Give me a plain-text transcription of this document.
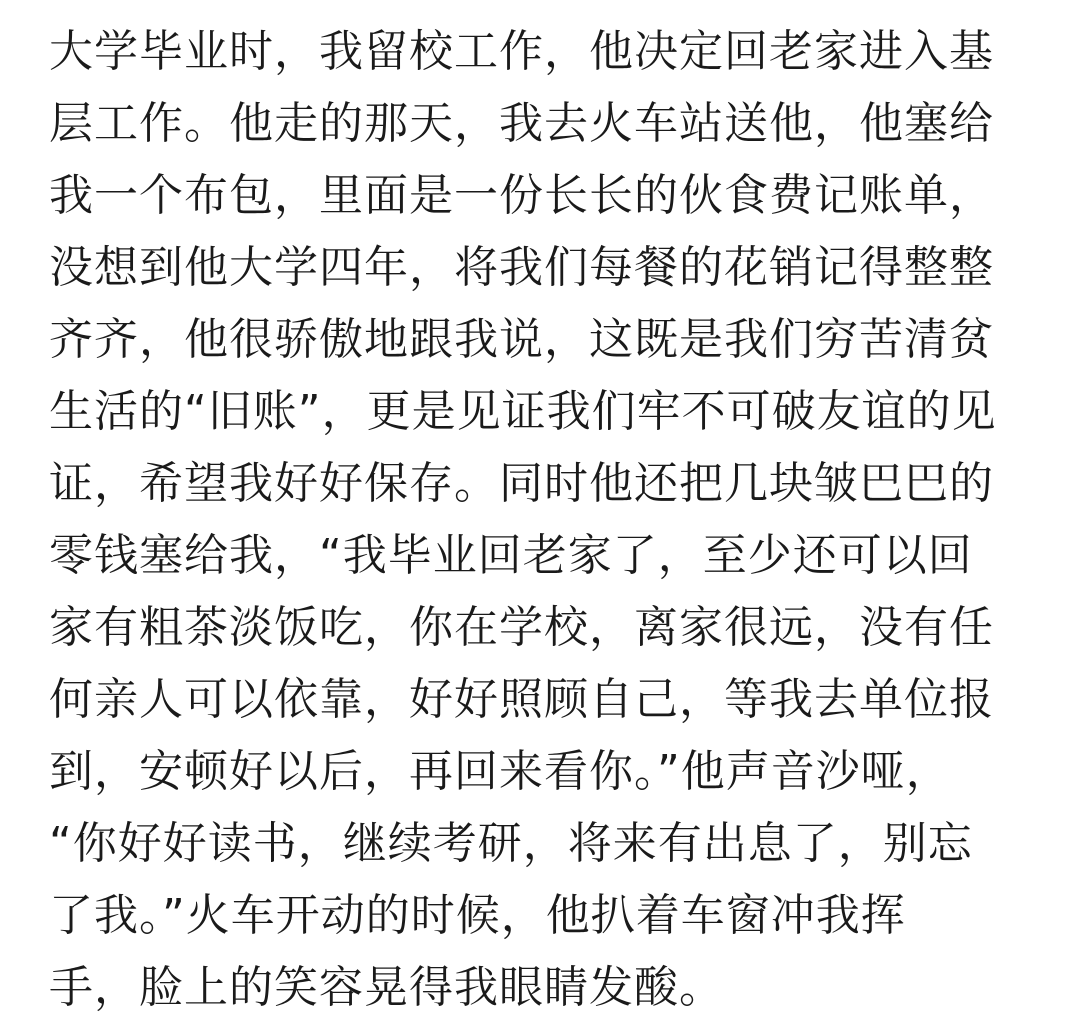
大学毕业时，我留校工作，他决定回老家进入基
层工作。他走的那天，我去火车站送他，他塞给
我一个布包，里面是一份长长的伙食费记账单，
没想到他大学四年，将我们每餐的花销记得整整
齐齐，他很骄傲地跟我说，这既是我们穷苦清贫
生活的“旧账”，更是见证我们牢不可破友谊的见
证，希望我好好保存。同时他还把几块皱巴巴的
零钱塞给我，“我毕业回老家了，至少还可以回
家有粗茶淡饭吃，你在学校，离家很远，没有任
何亲人可以依靠，好好照顾自己，等我去单位报
到，安顿好以后，再回来看你。”他声音沙哑，
“你好好读书，继续考研，将来有出息了，别忘
了我。”火车开动的时候，他扒着车窗冲我挥
手，脸上的笑容晃得我眼睛发酸。
